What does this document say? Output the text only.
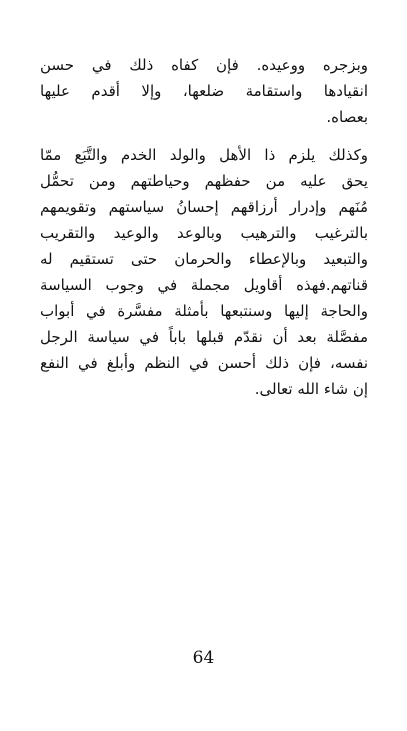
وبزجره ووعيده. فإن كفاه ذلك في حسن
انقيادها واستقامة ضلعها، وإلا أقدم عليها
بعصاه.
وكذلك يلزم ذا الأهل والولد الخدم والتَّبَع ممّا
يحق عليه من حفظهم وحياطتهم ومن تحمُّل
مُنَهم وإدرار أرزاقهم إحسانُ سياستهم وتقويمهم
بالترغيب والترهيب وبالوعد والوعيد والتقريب
والتبعيد وبالإعطاء والحرمان حتى تستقيم له
قناتهم.فهذه أقاويل مجملة في وجوب السياسة
والحاجة إليها وسنتبعها بأمثلة مفسَّرة في أبواب
مفصَّلة بعد أن نقدّم قبلها باباً في سياسة الرجل
نفسه، فإن ذلك أحسن في النظم وأبلغ في النفع
إن شاء الله تعالى.
64
